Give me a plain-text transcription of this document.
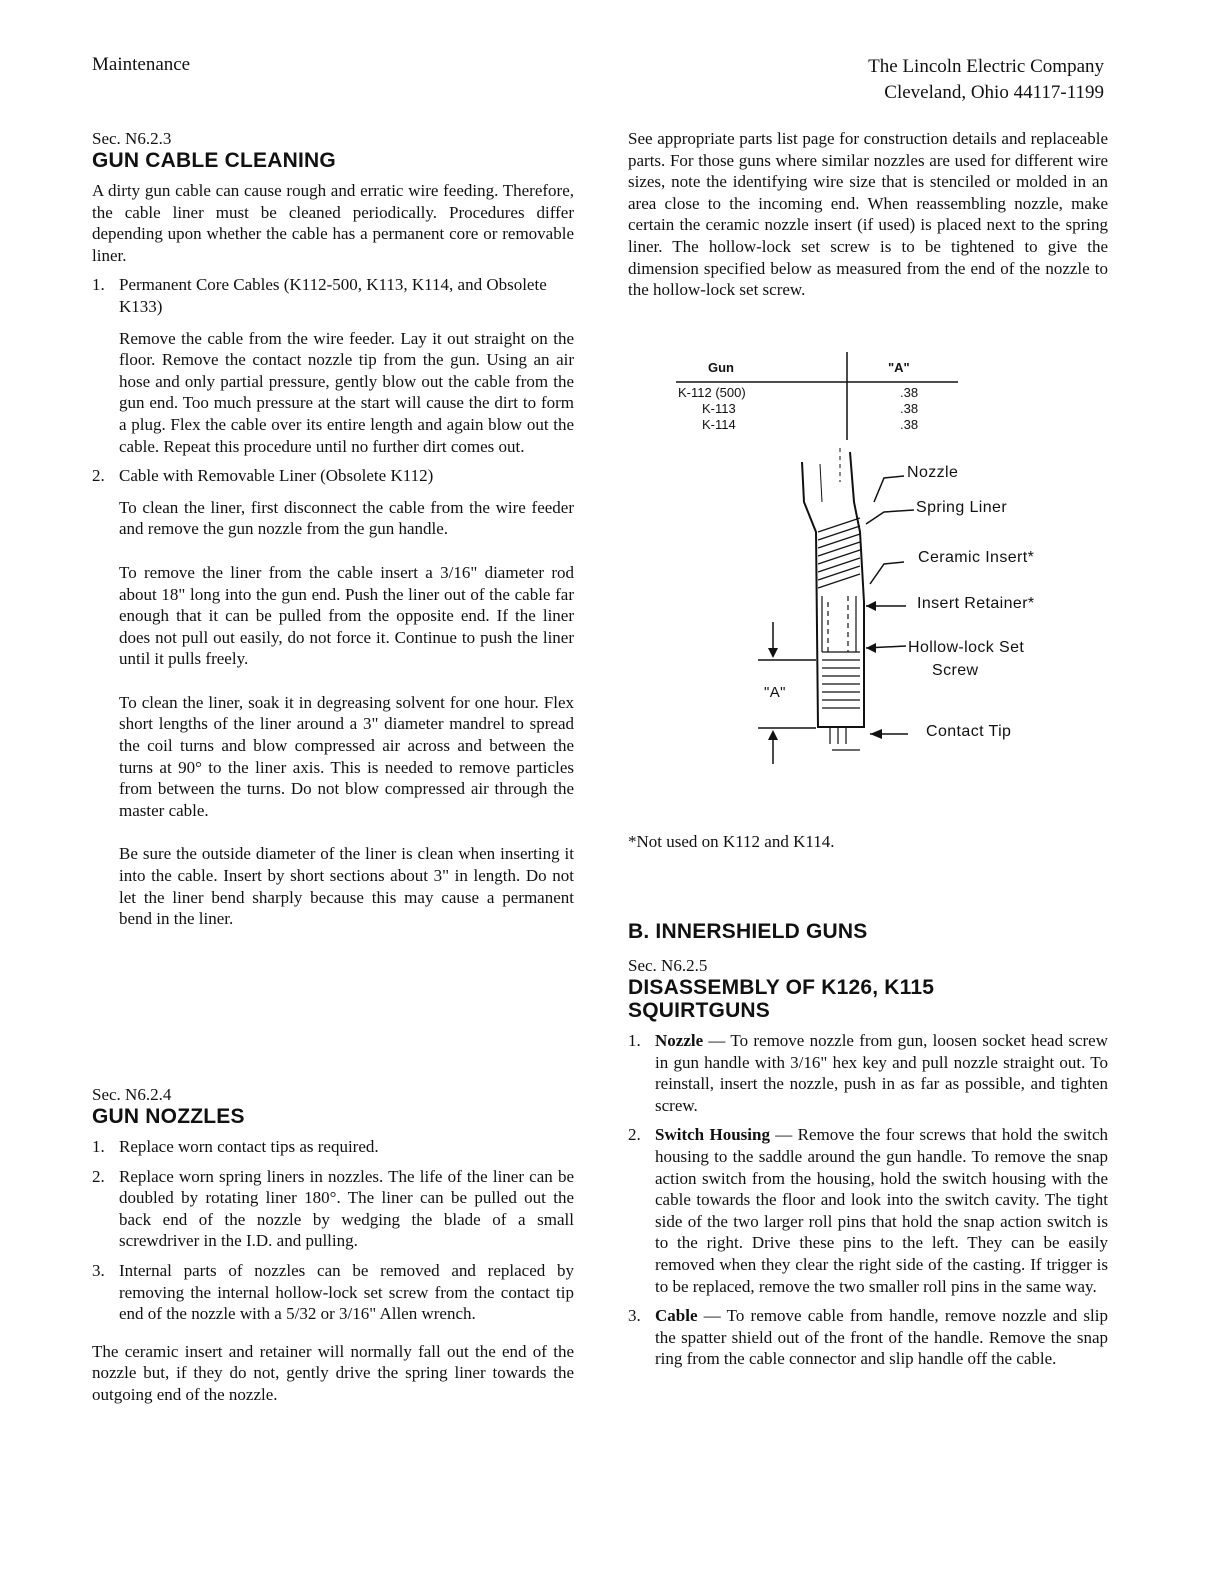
Maintenance	The Lincoln Electric Company
Cleveland, Ohio 44117-1199

Sec. N6.2.3

GUN CABLE CLEANING

A dirty gun cable can cause rough and erratic wire feeding. Therefore, the cable liner must be cleaned periodically. Procedures differ depending upon whether the cable has a permanent core or removable liner.

1. Permanent Core Cables (K112-500, K113, K114, and Obsolete K133)
Remove the cable from the wire feeder. Lay it out straight on the floor. Remove the contact nozzle tip from the gun. Using an air hose and only partial pressure, gently blow out the cable from the gun end. Too much pressure at the start will cause the dirt to form a plug. Flex the cable over its entire length and again blow out the cable. Repeat this procedure until no further dirt comes out.
2. Cable with Removable Liner (Obsolete K112)
To clean the liner, first disconnect the cable from the wire feeder and remove the gun nozzle from the gun handle.
To remove the liner from the cable insert a 3/16" diameter rod about 18" long into the gun end. Push the liner out of the cable far enough that it can be pulled from the opposite end. If the liner does not pull out easily, do not force it. Continue to push the liner until it pulls freely.
To clean the liner, soak it in degreasing solvent for one hour. Flex short lengths of the liner around a 3" diameter mandrel to spread the coil turns and blow compressed air across and between the turns at 90° to the liner axis. This is needed to remove particles from between the turns. Do not blow compressed air through the master cable.
Be sure the outside diameter of the liner is clean when inserting it into the cable. Insert by short sections about 3" in length. Do not let the liner bend sharply because this may cause a permanent bend in the liner.

Sec. N6.2.4

GUN NOZZLES
1. Replace worn contact tips as required.
2. Replace worn spring liners in nozzles. The life of the liner can be doubled by rotating liner 180°. The liner can be pulled out the back end of the nozzle by wedging the blade of a small screwdriver in the I.D. and pulling.
3. Internal parts of nozzles can be removed and replaced by removing the internal hollow-lock set screw from the contact tip end of the nozzle with a 5/32 or 3/16" Allen wrench.

The ceramic insert and retainer will normally fall out the end of the nozzle but, if they do not, gently drive the spring liner towards the outgoing end of the nozzle.

See appropriate parts list page for construction details and replaceable parts. For those guns where similar nozzles are used for different wire sizes, note the identifying wire size that is stenciled or molded in an area close to the incoming end. When reassembling nozzle, make certain the ceramic nozzle insert (if used) is placed next to the spring liner. The hollow-lock set screw is to be tightened to give the dimension specified below as measured from the end of the nozzle to the hollow-lock set screw.

Gun	"A"
K-112 (500)	.38
K-113	.38
K-114	.38
Nozzle
Spring Liner
Ceramic Insert*
Insert Retainer*
Hollow-lock Set
Screw
Contact Tip
"A"
*Not used on K112 and K114.
B. INNERSHIELD GUNS

Sec. N6.2.5

DISASSEMBLY OF K126, K115
SQUIRTGUNS
1. Nozzle — To remove nozzle from gun, loosen socket head screw in gun handle with 3/16" hex key and pull nozzle straight out. To reinstall, insert the nozzle, push in as far as possible, and tighten screw.
2. Switch Housing — Remove the four screws that hold the switch housing to the saddle around the gun handle. To remove the snap action switch from the housing, hold the switch housing with the cable towards the floor and look into the switch cavity. The tight side of the two larger roll pins that hold the snap action switch is to the right. Drive these pins to the left. They can be easily removed when they clear the right side of the casting. If trigger is to be replaced, remove the two smaller roll pins in the same way.
3. Cable — To remove cable from handle, remove nozzle and slip the spatter shield out of the front of the handle. Remove the snap ring from the cable connector and slip handle off the cable.
